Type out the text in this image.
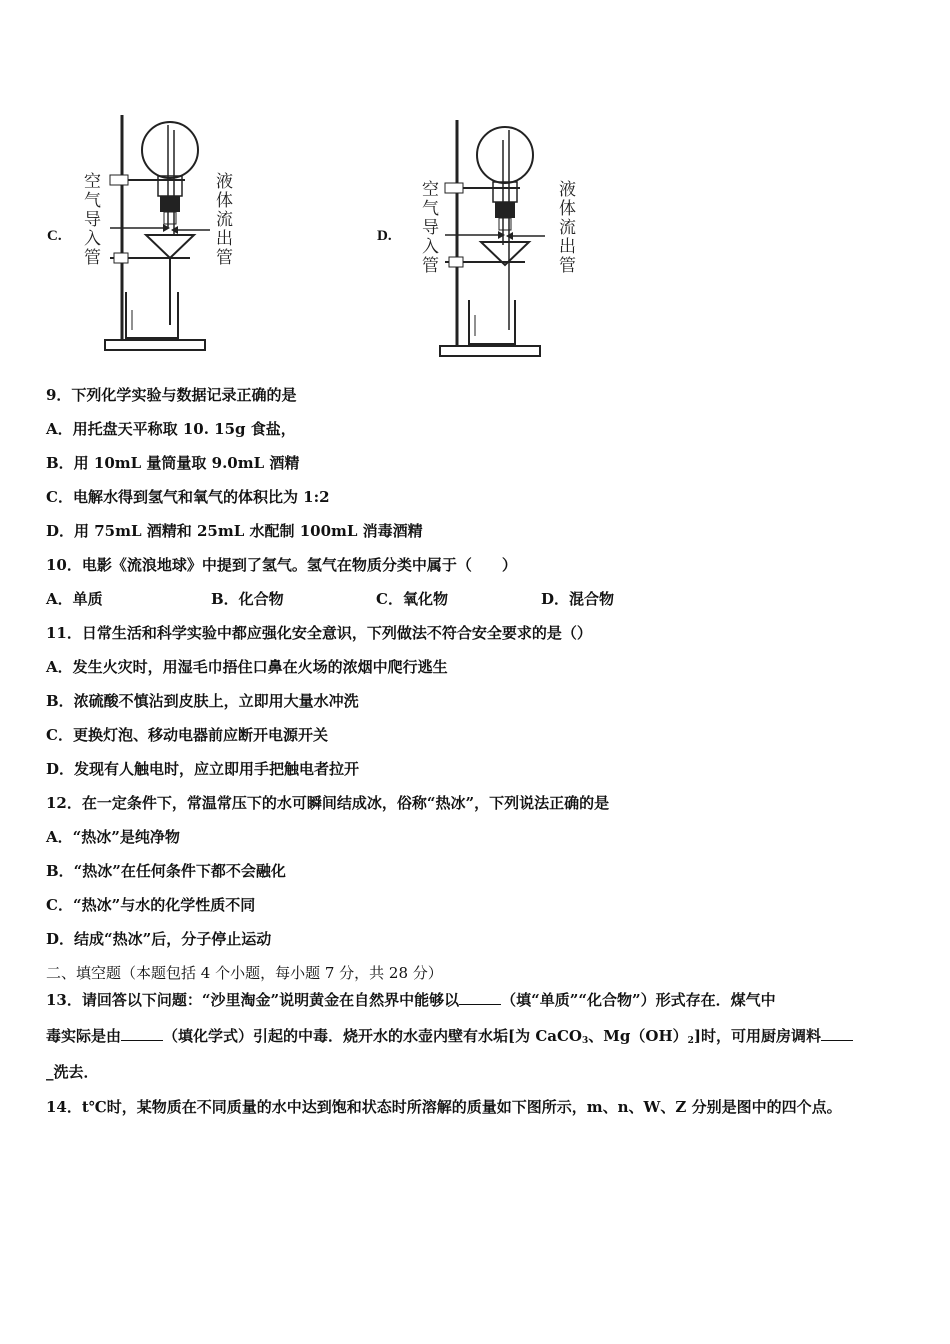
C. 空气导入管	液体流出管	D. 空气导入管	液体流出管
9．下列化学实验与数据记录正确的是
A．用托盘天平称取 10. 15g 食盐，
B．用 10mL 量筒量取 9.0mL 酒精
C．电解水得到氢气和氧气的体积比为 1:2
D．用 75mL 酒精和 25mL 水配制 100mL 消毒酒精
10．电影《流浪地球》中提到了氢气。氢气在物质分类中属于（　　）
A．单质	B．化合物	C．氧化物	D．混合物
11．日常生活和科学实验中都应强化安全意识，下列做法不符合安全要求的是（）
A．发生火灾时，用湿毛巾捂住口鼻在火场的浓烟中爬行逃生
B．浓硫酸不慎沾到皮肤上，立即用大量水冲洗
C．更换灯泡、移动电器前应断开电源开关
D．发现有人触电时，应立即用手把触电者拉开
12．在一定条件下，常温常压下的水可瞬间结成冰，俗称“热冰”，下列说法正确的是
A．“热冰”是纯净物
B．“热冰”在任何条件下都不会融化
C．“热冰”与水的化学性质不同
D．结成“热冰”后，分子停止运动
二、填空题（本题包括 4 个小题，每小题 7 分，共 28 分）
13．请回答以下问题：“沙里淘金”说明黄金在自然界中能够以	（填“单质”“化合物”）形式存在．煤气中
毒实际是由	（填化学式）引起的中毒．烧开水的水壶内壁有水垢[为 CaCO$_3$、$Mg(OH)_2$]时，可用厨房调料
_洗去．
14．t℃时，某物质在不同质量的水中达到饱和状态时所溶解的质量如下图所示，m、n、W、Z 分别是图中的四个点。
